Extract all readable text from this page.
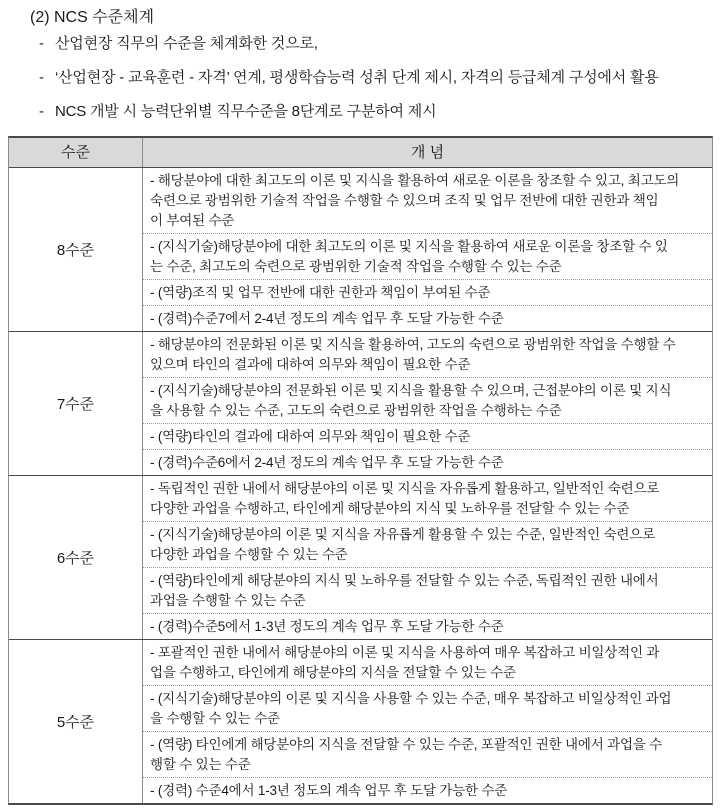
(2) NCS 수준체계
- 산업현장 직무의 수준을 체계화한 것으로,
- ‘산업현장 - 교육훈련 - 자격’ 연계, 평생학습능력 성취 단계 제시, 자격의 등급체계 구성에서 활용
- NCS 개발 시 능력단위별 직무수준을 8단계로 구분하여 제시
수준	개 념
8수준
- 해당분야에 대한 최고도의 이론 및 지식을 활용하여 새로운 이론을 창조할 수 있고, 최고도의
숙련으로 광범위한 기술적 작업을 수행할 수 있으며 조직 및 업무 전반에 대한 권한과 책임
이 부여된 수준
- (지식기술)해당분야에 대한 최고도의 이론 및 지식을 활용하여 새로운 이론을 창조할 수 있
는 수준, 최고도의 숙련으로 광범위한 기술적 작업을 수행할 수 있는 수준
- (역량)조직 및 업무 전반에 대한 권한과 책임이 부여된 수준
- (경력)수준7에서 2-4년 정도의 계속 업무 후 도달 가능한 수준
7수준
- 해당분야의 전문화된 이론 및 지식을 활용하여, 고도의 숙련으로 광범위한 작업을 수행할 수
있으며 타인의 결과에 대하여 의무와 책임이 필요한 수준
- (지식기술)해당분야의 전문화된 이론 및 지식을 활용할 수 있으며, 근접분야의 이론 및 지식
을 사용할 수 있는 수준, 고도의 숙련으로 광범위한 작업을 수행하는 수준
- (역량)타인의 결과에 대하여 의무와 책임이 필요한 수준
- (경력)수준6에서 2-4년 정도의 계속 업무 후 도달 가능한 수준
6수준
- 독립적인 권한 내에서 해당분야의 이론 및 지식을 자유롭게 활용하고, 일반적인 숙련으로
다양한 과업을 수행하고, 타인에게 해당분야의 지식 및 노하우를 전달할 수 있는 수준
- (지식기술)해당분야의 이론 및 지식을 자유롭게 활용할 수 있는 수준, 일반적인 숙련으로
다양한 과업을 수행할 수 있는 수준
- (역량)타인에게 해당분야의 지식 및 노하우를 전달할 수 있는 수준, 독립적인 권한 내에서
과업을 수행할 수 있는 수준
- (경력)수준5에서 1-3년 정도의 계속 업무 후 도달 가능한 수준
5수준
- 포괄적인 권한 내에서 해당분야의 이론 및 지식을 사용하여 매우 복잡하고 비일상적인 과
업을 수행하고, 타인에게 해당분야의 지식을 전달할 수 있는 수준
- (지식기술)해당분야의 이론 및 지식을 사용할 수 있는 수준, 매우 복잡하고 비일상적인 과업
을 수행할 수 있는 수준
- (역량) 타인에게 해당분야의 지식을 전달할 수 있는 수준, 포괄적인 권한 내에서 과업을 수
행할 수 있는 수준
- (경력) 수준4에서 1-3년 정도의 계속 업무 후 도달 가능한 수준
